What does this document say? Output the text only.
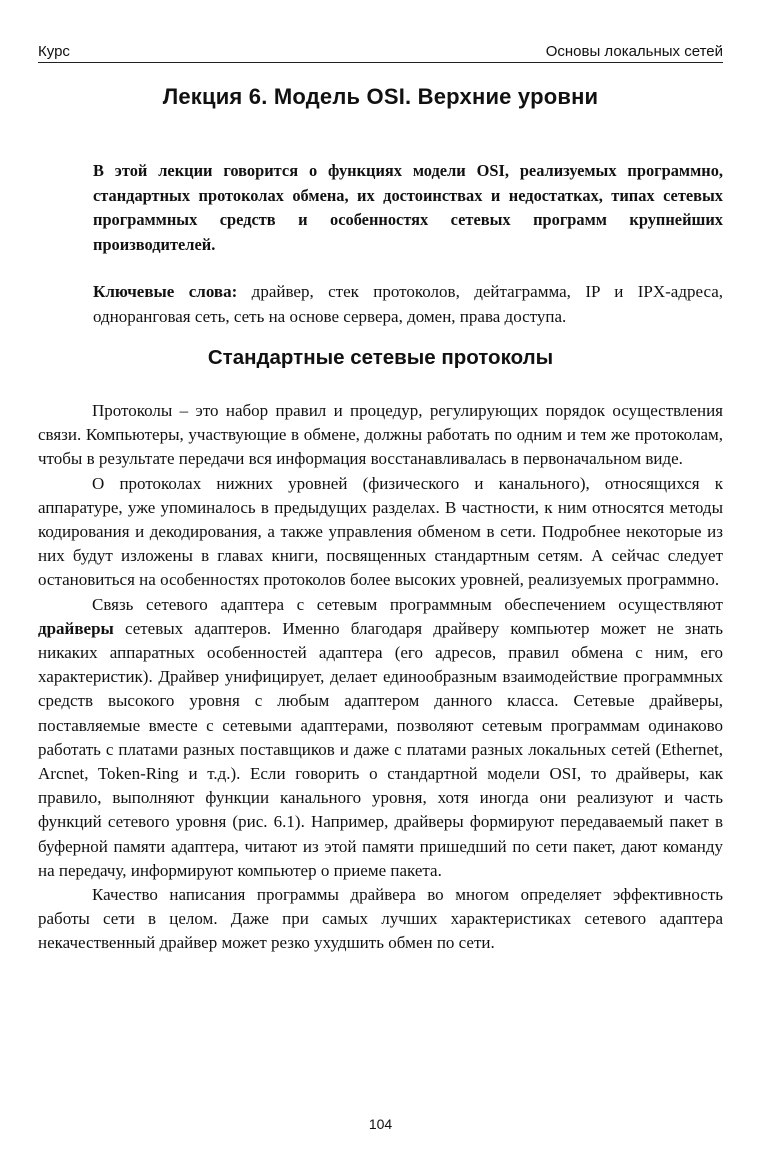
Курс	Основы локальных сетей
Лекция 6. Модель OSI. Верхние уровни

В этой лекции говорится о функциях модели OSI, реализуемых программно, стандартных протоколах обмена, их достоинствах и недостатках, типах сетевых программных средств и особенностях сетевых программ крупнейших производителей.

Ключевые слова: драйвер, стек протоколов, дейтаграмма, IP и IPX-адреса, одноранговая сеть, сеть на основе сервера, домен, права доступа.

Стандартные сетевые протоколы

Протоколы – это набор правил и процедур, регулирующих порядок осуществления связи. Компьютеры, участвующие в обмене, должны работать по одним и тем же протоколам, чтобы в результате передачи вся информация восстанавливалась в первоначальном виде.

О протоколах нижних уровней (физического и канального), относящихся к аппаратуре, уже упоминалось в предыдущих разделах. В частности, к ним относятся методы кодирования и декодирования, а также управления обменом в сети. Подробнее некоторые из них будут изложены в главах книги, посвященных стандартным сетям. А сейчас следует остановиться на особенностях протоколов более высоких уровней, реализуемых программно.

Связь сетевого адаптера с сетевым программным обеспечением осуществляют драйверы сетевых адаптеров. Именно благодаря драйверу компьютер может не знать никаких аппаратных особенностей адаптера (его адресов, правил обмена с ним, его характеристик). Драйвер унифицирует, делает единообразным взаимодействие программных средств высокого уровня с любым адаптером данного класса. Сетевые драйверы, поставляемые вместе с сетевыми адаптерами, позволяют сетевым программам одинаково работать с платами разных поставщиков и даже с платами разных локальных сетей (Ethernet, Arcnet, Token-Ring и т.д.). Если говорить о стандартной модели OSI, то драйверы, как правило, выполняют функции канального уровня, хотя иногда они реализуют и часть функций сетевого уровня (рис. 6.1). Например, драйверы формируют передаваемый пакет в буферной памяти адаптера, читают из этой памяти пришедший по сети пакет, дают команду на передачу, информируют компьютер о приеме пакета.

Качество написания программы драйвера во многом определяет эффективность работы сети в целом. Даже при самых лучших характеристиках сетевого адаптера некачественный драйвер может резко ухудшить обмен по сети.

104
